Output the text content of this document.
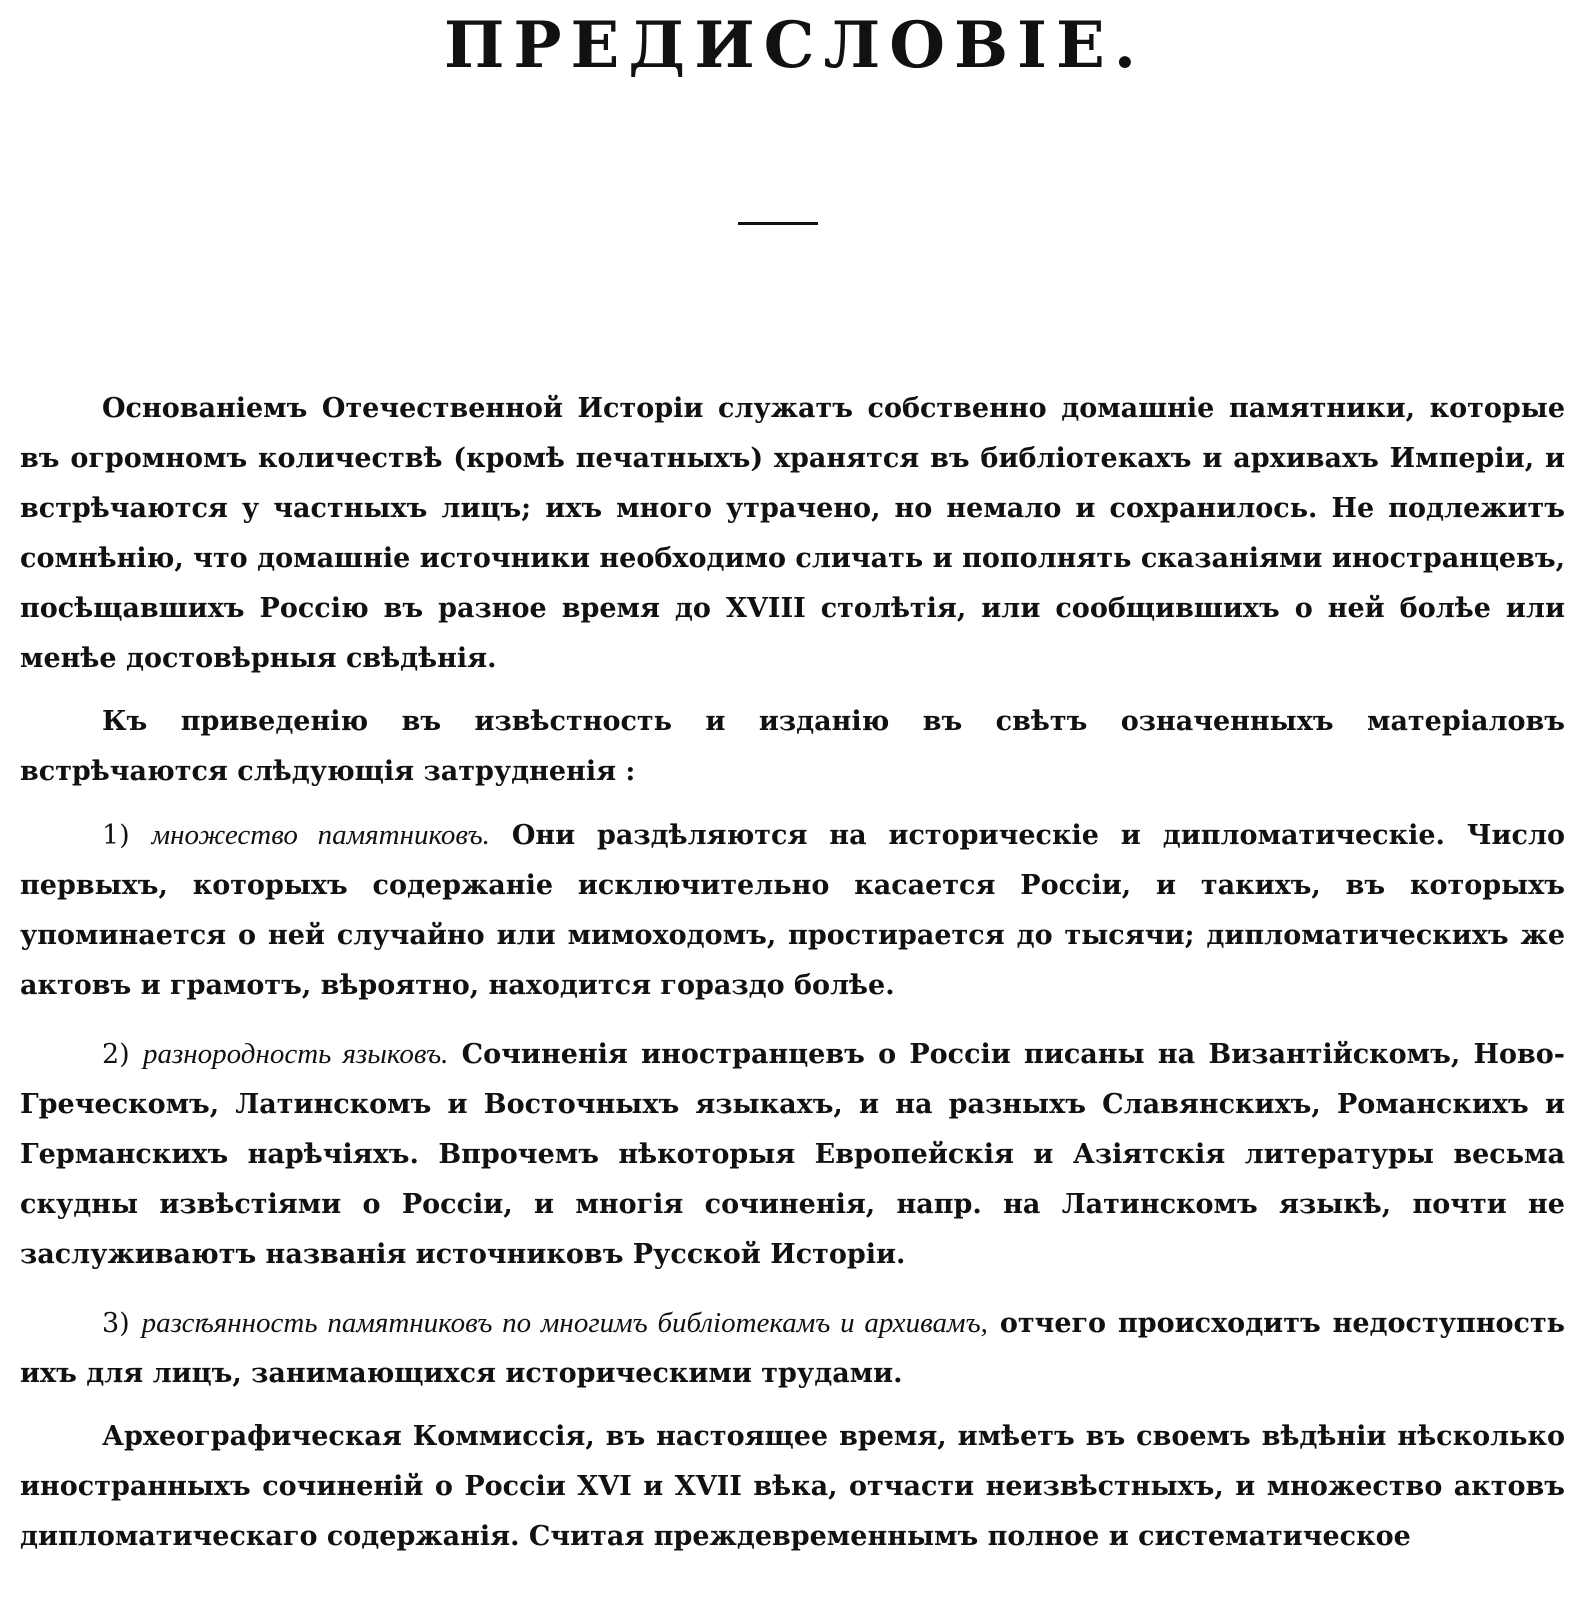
ПРЕДИСЛОВІЕ.

Основаніемъ Отечественной Исторіи служатъ собственно домашніе памятники, которые въ огромномъ количествѣ (кромѣ печатныхъ) хранятся въ библіотекахъ и архивахъ Имперіи, и встрѣчаются у частныхъ лицъ; ихъ много утрачено, но немало и сохранилось. Не подлежитъ сомнѣнію, что домашніе источники необходимо сличать и пополнять сказаніями иностранцевъ, посѣщавшихъ Россію въ разное время до XVIII столѣтія, или сообщившихъ о ней болѣе или менѣе достовѣрныя свѣдѣнія.

Къ приведенію въ извѣстность и изданію въ свѣтъ означенныхъ матеріаловъ встрѣчаются слѣдующія затрудненія :

1) множество памятниковъ. Они раздѣляются на историческіе и дипломатическіе. Число первыхъ, которыхъ содержаніе исключительно касается Россіи, и такихъ, въ которыхъ упоминается о ней случайно или мимоходомъ, простирается до тысячи; дипломатическихъ же актовъ и грамотъ, вѣроятно, находится гораздо болѣе.

2) разнородность языковъ. Сочиненія иностранцевъ о Россіи писаны на Византійскомъ, Ново-Греческомъ, Латинскомъ и Восточныхъ языкахъ, и на разныхъ Славянскихъ, Романскихъ и Германскихъ нарѣчіяхъ. Впрочемъ нѣкоторыя Европейскія и Азіятскія литературы весьма скудны извѣстіями о Россіи, и многія сочиненія, напр. на Латинскомъ языкѣ, почти не заслуживаютъ названія источниковъ Русской Исторіи.

3) разсѣянность памятниковъ по многимъ библіотекамъ и архивамъ, отчего происходитъ недоступность ихъ для лицъ, занимающихся историческими трудами.

Археографическая Коммиссія, въ настоящее время, имѣетъ въ своемъ вѣдѣніи нѣсколько иностранныхъ сочиненій о Россіи XVI и XVII вѣка, отчасти неизвѣстныхъ, и множество актовъ дипломатическаго содержанія. Считая преждевременнымъ полное и систематическое
